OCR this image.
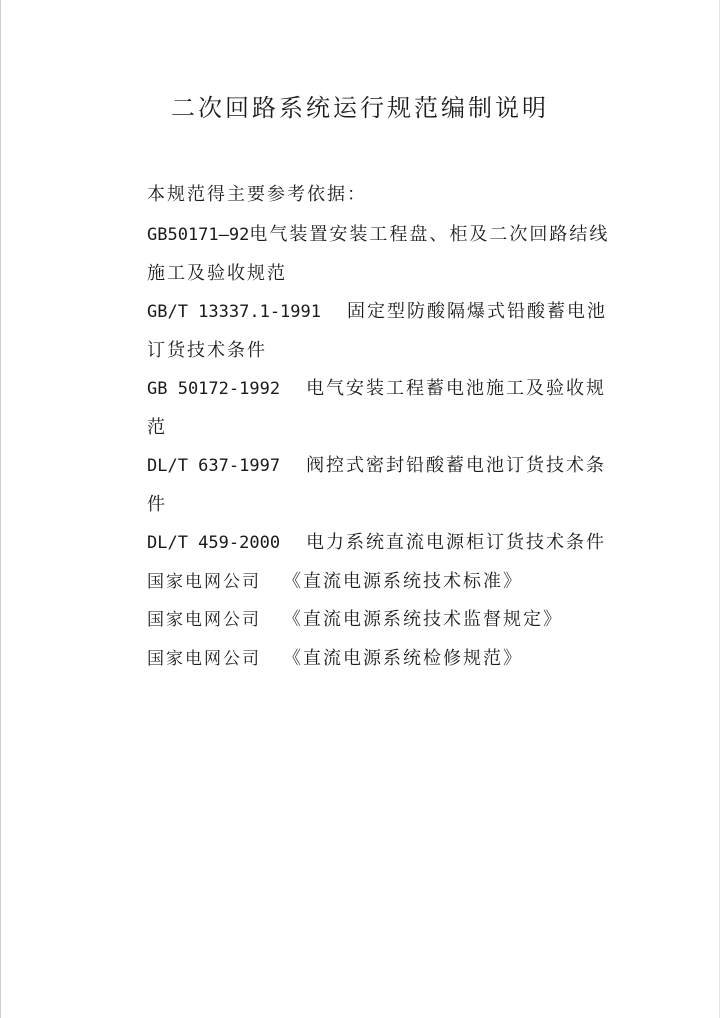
二次回路系统运行规范编制说明

本规范得主要参考依据：

GB50171—92电气装置安装工程盘、柜及二次回路结线施工及验收规范
GB/T 13337.1-1991 固定型防酸隔爆式铅酸蓄电池订货技术条件
GB 50172-1992 电气安装工程蓄电池施工及验收规范
DL/T 637-1997 阀控式密封铅酸蓄电池订货技术条件
DL/T 459-2000 电力系统直流电源柜订货技术条件
国家电网公司 《直流电源系统技术标准》
国家电网公司 《直流电源系统技术监督规定》
国家电网公司 《直流电源系统检修规范》
